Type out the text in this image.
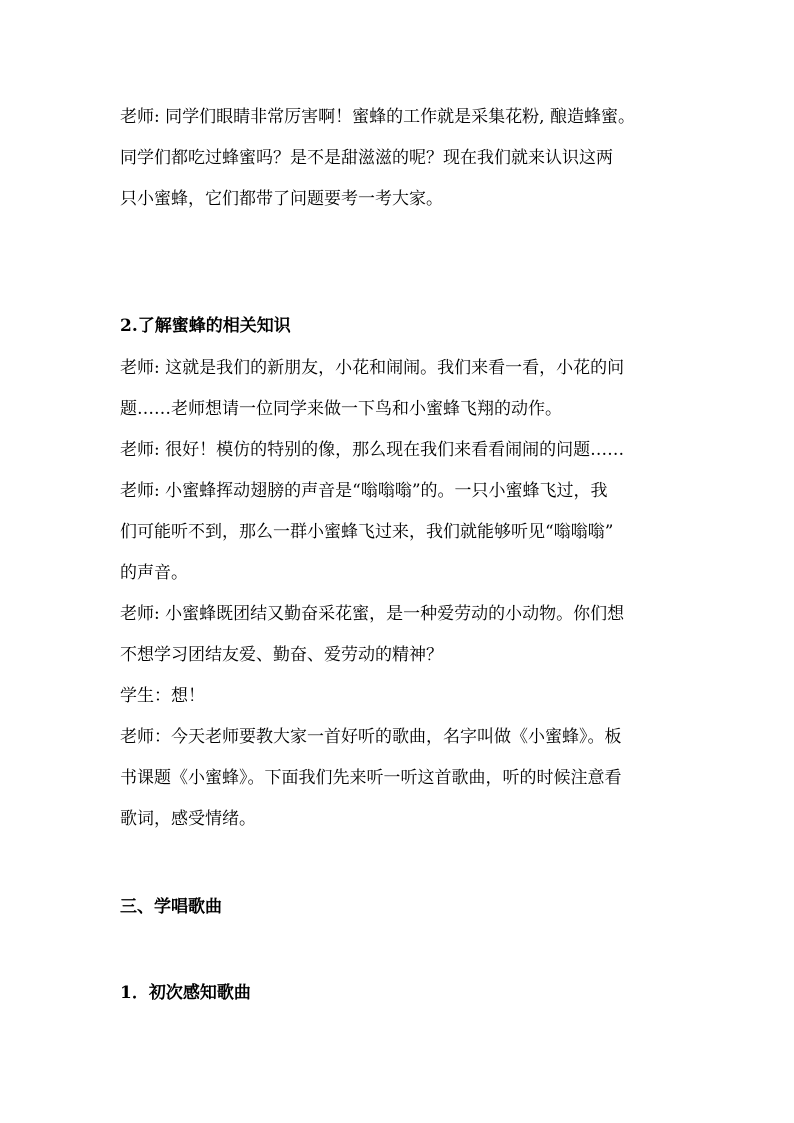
老师: 同学们眼睛非常厉害啊！蜜蜂的工作就是采集花粉, 酿造蜂蜜。

同学们都吃过蜂蜜吗？是不是甜滋滋的呢？现在我们就来认识这两

只小蜜蜂，它们都带了问题要考一考大家。

2.了解蜜蜂的相关知识

老师: 这就是我们的新朋友，小花和闹闹。我们来看一看，小花的问

题……老师想请一位同学来做一下鸟和小蜜蜂飞翔的动作。

老师: 很好！模仿的特别的像，那么现在我们来看看闹闹的问题……

老师: 小蜜蜂挥动翅膀的声音是“嗡嗡嗡”的。一只小蜜蜂飞过，我

们可能听不到，那么一群小蜜蜂飞过来，我们就能够听见“嗡嗡嗡”

的声音。

老师: 小蜜蜂既团结又勤奋采花蜜，是一种爱劳动的小动物。你们想

不想学习团结友爱、勤奋、爱劳动的精神？

学生：想！

老师：今天老师要教大家一首好听的歌曲，名字叫做《小蜜蜂》。板

书课题《小蜜蜂》。下面我们先来听一听这首歌曲，听的时候注意看

歌词，感受情绪。

三、学唱歌曲

1．初次感知歌曲
